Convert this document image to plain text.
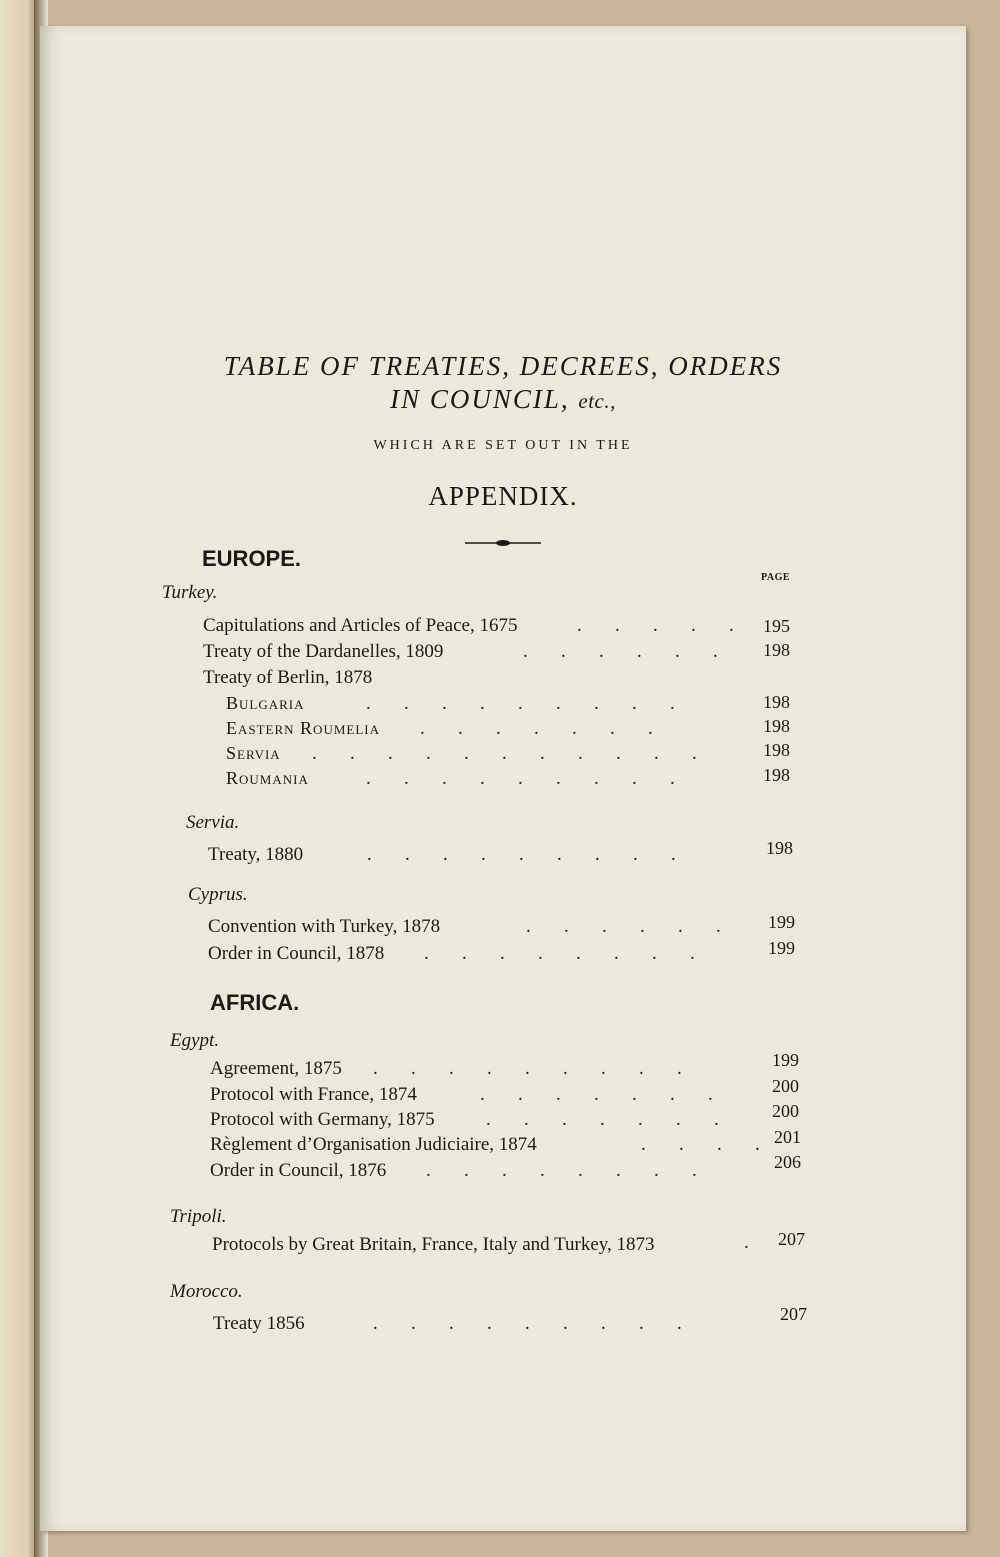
TABLE OF TREATIES, DECREES, ORDERS
IN COUNCIL, etc.,
WHICH ARE SET OUT IN THE
APPENDIX.
EUROPE.
PAGE
Turkey.
Capitulations and Articles of Peace, 1675	.       .       .       .       . 195
Treaty of the Dardanelles, 1809	.       .       .       .       .       .	198
Treaty of Berlin, 1878
Bulgaria	.       .       .       .       .       .       .       .       .	198
Eastern Roumelia .       .       .       .       .       .       .	198
Servia .       .       .       .       .       .       .       .       .       .       .	198
Roumania	.       .       .       .       .       .       .       .       .	198
Servia.
Treaty, 1880	.       .       .       .       .       .       .       .       .	198
Cyprus.
Convention with Turkey, 1878	.       .       .       .       .       .	199
Order in Council, 1878 .       .       .       .       .       .       .       .	199
AFRICA.
Egypt.
Agreement, 1875 .       .       .       .       .       .       .       .       .	199
Protocol with France, 1874	.       .       .       .       .       .       .	200
Protocol with Germany, 1875	.       .       .       .       .       .       .	200
Règlement d’Organisation Judiciaire, 1874	.       .       .       . 201
Order in Council, 1876 .       .       .       .       .       .       .       .	206
Tripoli.
Protocols by Great Britain, France, Italy and Turkey, 1873	. 207
Morocco.
Treaty 1856	.       .       .       .       .       .       .       .       .	207
